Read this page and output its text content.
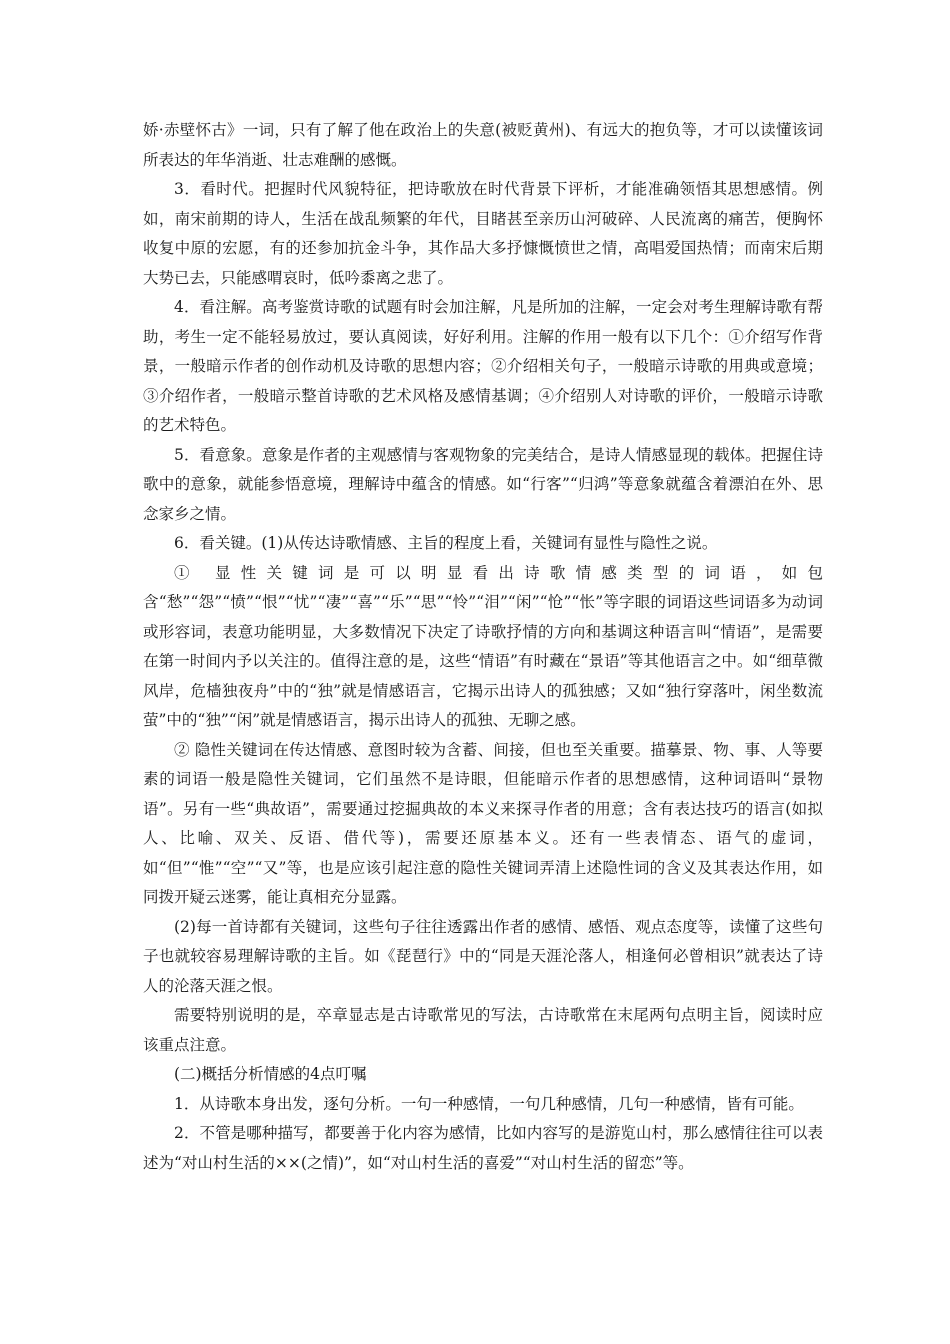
娇·赤壁怀古》一词，只有了解了他在政治上的失意(被贬黄州)、有远大的抱负等，才可以读懂该词所表达的年华消逝、壮志难酬的感慨。

3．看时代。把握时代风貌特征，把诗歌放在时代背景下评析，才能准确领悟其思想感情。例如，南宋前期的诗人，生活在战乱频繁的年代，目睹甚至亲历山河破碎、人民流离的痛苦，便胸怀收复中原的宏愿，有的还参加抗金斗争，其作品大多抒慷慨愤世之情，高唱爱国热情；而南宋后期大势已去，只能感喟哀时，低吟黍离之悲了。

4．看注解。高考鉴赏诗歌的试题有时会加注解，凡是所加的注解，一定会对考生理解诗歌有帮助，考生一定不能轻易放过，要认真阅读，好好利用。注解的作用一般有以下几个：①介绍写作背景，一般暗示作者的创作动机及诗歌的思想内容；②介绍相关句子，一般暗示诗歌的用典或意境；③介绍作者，一般暗示整首诗歌的艺术风格及感情基调；④介绍别人对诗歌的评价，一般暗示诗歌的艺术特色。

5．看意象。意象是作者的主观感情与客观物象的完美结合，是诗人情感显现的载体。把握住诗歌中的意象，就能参悟意境，理解诗中蕴含的情感。如“行客”“归鸿”等意象就蕴含着漂泊在外、思念家乡之情。

6．看关键。(1)从传达诗歌情感、主旨的程度上看，关键词有显性与隐性之说。

① 显性关键词是可以明显看出诗歌情感类型的词语，如包含“愁”“怨”“愤”“恨”“忧”“凄”“喜”“乐”“思”“怜”“泪”“闲”“怆”“怅”等字眼的词语这些词语多为动词或形容词，表意功能明显，大多数情况下决定了诗歌抒情的方向和基调这种语言叫“情语”，是需要在第一时间内予以关注的。值得注意的是，这些“情语”有时藏在“景语”等其他语言之中。如“细草微风岸，危樯独夜舟”中的“独”就是情感语言，它揭示出诗人的孤独感；又如“独行穿落叶，闲坐数流萤”中的“独”“闲”就是情感语言，揭示出诗人的孤独、无聊之感。

② 隐性关键词在传达情感、意图时较为含蓄、间接，但也至关重要。描摹景、物、事、人等要素的词语一般是隐性关键词，它们虽然不是诗眼，但能暗示作者的思想感情，这种词语叫“景物语”。另有一些“典故语”，需要通过挖掘典故的本义来探寻作者的用意；含有表达技巧的语言(如拟人、比喻、双关、反语、借代等)，需要还原基本义。还有一些表情态、语气的虚词，如“但”“惟”“空”“又”等，也是应该引起注意的隐性关键词弄清上述隐性词的含义及其表达作用，如同拨开疑云迷雾，能让真相充分显露。

(2)每一首诗都有关键词，这些句子往往透露出作者的感情、感悟、观点态度等，读懂了这些句子也就较容易理解诗歌的主旨。如《琵琶行》中的“同是天涯沦落人，相逢何必曾相识”就表达了诗人的沦落天涯之恨。

需要特别说明的是，卒章显志是古诗歌常见的写法，古诗歌常在末尾两句点明主旨，阅读时应该重点注意。

(二)概括分析情感的4点叮嘱

1．从诗歌本身出发，逐句分析。一句一种感情，一句几种感情，几句一种感情，皆有可能。

2．不管是哪种描写，都要善于化内容为感情，比如内容写的是游览山村，那么感情往往可以表述为“对山村生活的××(之情)”，如“对山村生活的喜爱”“对山村生活的留恋”等。
